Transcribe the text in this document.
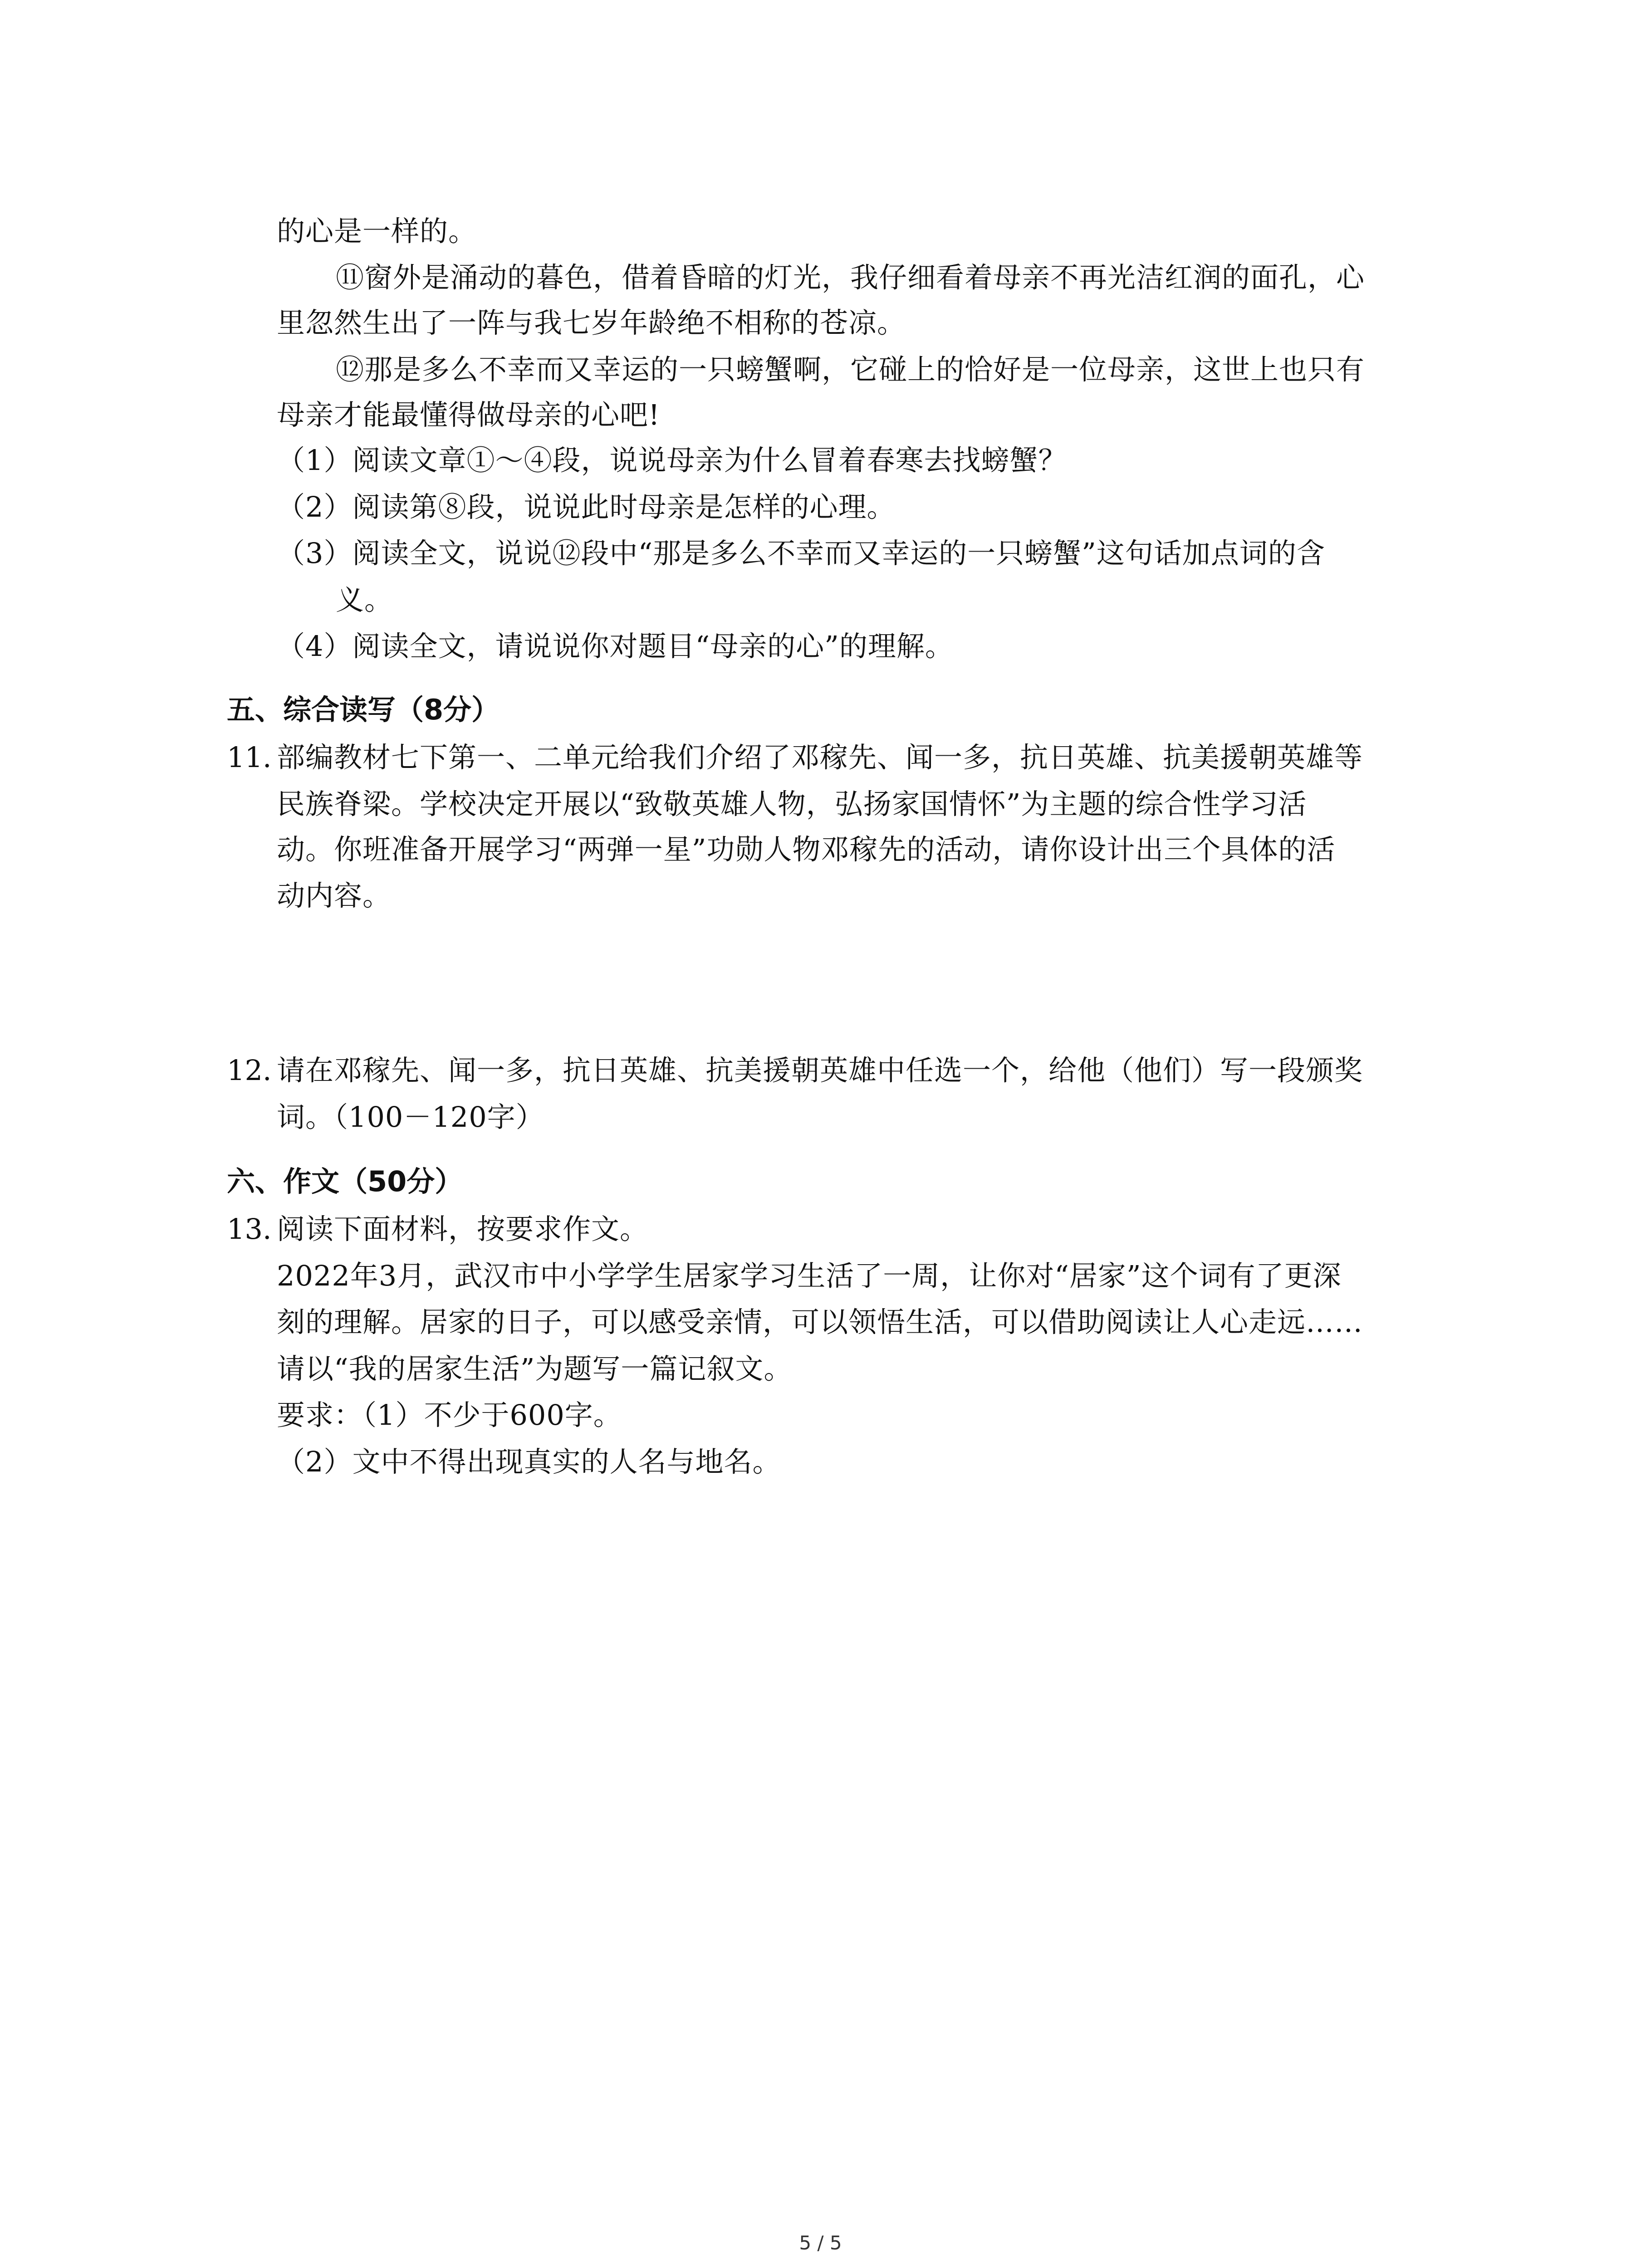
的心是一样的。
⑪窗外是涌动的暮色，借着昏暗的灯光，我仔细看着母亲不再光洁红润的面孔，心
里忽然生出了一阵与我七岁年龄绝不相称的苍凉。
⑫那是多么不幸而又幸运的一只螃蟹啊，它碰上的恰好是一位母亲，这世上也只有
母亲才能最懂得做母亲的心吧!
（1）阅读文章①～④段，说说母亲为什么冒着春寒去找螃蟹？
（2）阅读第⑧段，说说此时母亲是怎样的心理。
（3）阅读全文，说说⑫段中“那是多么不幸而又幸运的一只螃蟹”这句话加点词的含
义。
（4）阅读全文，请说说你对题目“母亲的心”的理解。
五、综合读写（8分）
11. 部编教材七下第一、二单元给我们介绍了邓稼先、闻一多，抗日英雄、抗美援朝英雄等
民族脊梁。学校决定开展以“致敬英雄人物，弘扬家国情怀”为主题的综合性学习活
动。你班准备开展学习“两弹一星”功勋人物邓稼先的活动，请你设计出三个具体的活
动内容。
12. 请在邓稼先、闻一多，抗日英雄、抗美援朝英雄中任选一个，给他（他们）写一段颁奖
词。（100－120字）
六、作文（50分）
13. 阅读下面材料，按要求作文。
2022年3月，武汉市中小学学生居家学习生活了一周，让你对“居家”这个词有了更深
刻的理解。居家的日子，可以感受亲情，可以领悟生活，可以借助阅读让人心走远……
请以“我的居家生活”为题写一篇记叙文。
要求：（1）不少于600字。
（2）文中不得出现真实的人名与地名。
5 / 5
